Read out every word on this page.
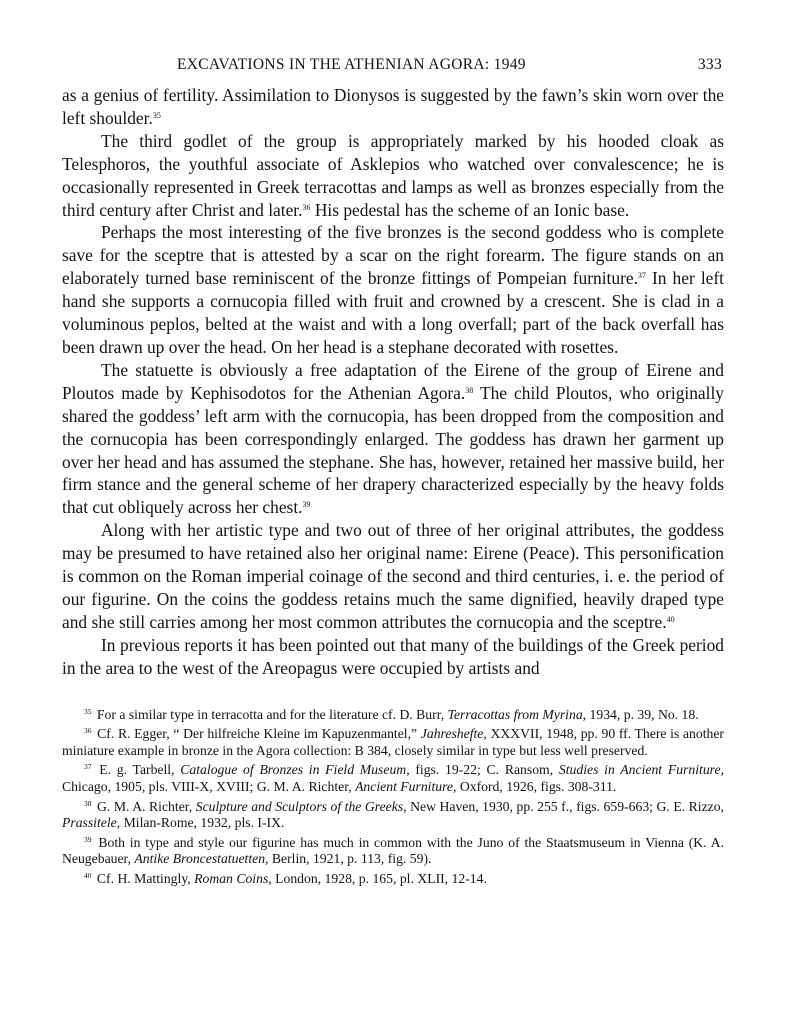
EXCAVATIONS IN THE ATHENIAN AGORA: 1949	333

as a genius of fertility. Assimilation to Dionysos is suggested by the fawn’s skin worn over the left shoulder.$^{35}$

The third godlet of the group is appropriately marked by his hooded cloak as Telesphoros, the youthful associate of Asklepios who watched over convalescence; he is occasionally represented in Greek terracottas and lamps as well as bronzes especially from the third century after Christ and later.$^{36}$ His pedestal has the scheme of an Ionic base.

Perhaps the most interesting of the five bronzes is the second goddess who is complete save for the sceptre that is attested by a scar on the right forearm. The figure stands on an elaborately turned base reminiscent of the bronze fittings of Pompeian furniture.$^{37}$ In her left hand she supports a cornucopia filled with fruit and crowned by a crescent. She is clad in a voluminous peplos, belted at the waist and with a long overfall; part of the back overfall has been drawn up over the head. On her head is a stephane decorated with rosettes.

The statuette is obviously a free adaptation of the Eirene of the group of Eirene and Ploutos made by Kephisodotos for the Athenian Agora.$^{38}$ The child Ploutos, who originally shared the goddess’ left arm with the cornucopia, has been dropped from the composition and the cornucopia has been correspondingly enlarged. The goddess has drawn her garment up over her head and has assumed the stephane. She has, however, retained her massive build, her firm stance and the general scheme of her drapery characterized especially by the heavy folds that cut obliquely across her chest.$^{39}$

Along with her artistic type and two out of three of her original attributes, the goddess may be presumed to have retained also her original name: Eirene (Peace). This personification is common on the Roman imperial coinage of the second and third centuries, i. e. the period of our figurine. On the coins the goddess retains much the same dignified, heavily draped type and she still carries among her most common attributes the cornucopia and the sceptre.$^{40}$

In previous reports it has been pointed out that many of the buildings of the Greek period in the area to the west of the Areopagus were occupied by artists and

$^{35}$ For a similar type in terracotta and for the literature cf. D. Burr, Terracottas from Myrina, 1934, p. 39, No. 18.

$^{36}$ Cf. R. Egger, “ Der hilfreiche Kleine im Kapuzenmantel,” Jahreshefte, XXXVII, 1948, pp. 90 ff. There is another miniature example in bronze in the Agora collection: B 384, closely similar in type but less well preserved.

$^{37}$ E. g. Tarbell, Catalogue of Bronzes in Field Museum, figs. 19-22; C. Ransom, Studies in Ancient Furniture, Chicago, 1905, pls. VIII-X, XVIII; G. M. A. Richter, Ancient Furniture, Oxford, 1926, figs. 308-311.

$^{38}$ G. M. A. Richter, Sculpture and Sculptors of the Greeks, New Haven, 1930, pp. 255 f., figs. 659-663; G. E. Rizzo, Prassitele, Milan-Rome, 1932, pls. I-IX.

$^{39}$ Both in type and style our figurine has much in common with the Juno of the Staatsmuseum in Vienna (K. A. Neugebauer, Antike Broncestatuetten, Berlin, 1921, p. 113, fig. 59).

$^{40}$ Cf. H. Mattingly, Roman Coins, London, 1928, p. 165, pl. XLII, 12-14.
